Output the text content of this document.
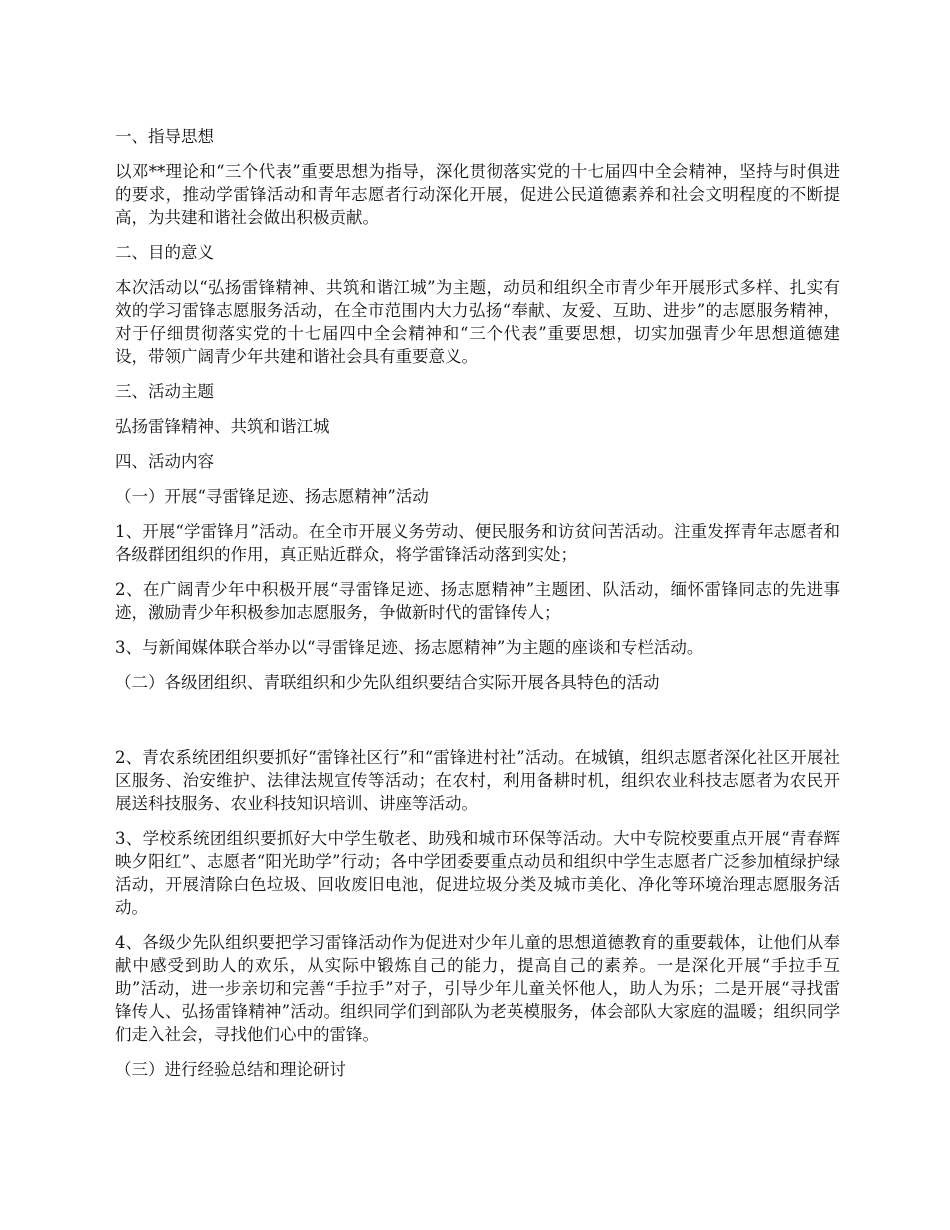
一、指导思想

以邓**理论和“三个代表”重要思想为指导，深化贯彻落实党的十七届四中全会精神，坚持与时俱进的要求，推动学雷锋活动和青年志愿者行动深化开展，促进公民道德素养和社会文明程度的不断提高，为共建和谐社会做出积极贡献。

二、目的意义

本次活动以“弘扬雷锋精神、共筑和谐江城”为主题，动员和组织全市青少年开展形式多样、扎实有效的学习雷锋志愿服务活动，在全市范围内大力弘扬“奉献、友爱、互助、进步”的志愿服务精神，对于仔细贯彻落实党的十七届四中全会精神和“三个代表”重要思想，切实加强青少年思想道德建设，带领广阔青少年共建和谐社会具有重要意义。

三、活动主题

弘扬雷锋精神、共筑和谐江城

四、活动内容

（一）开展“寻雷锋足迹、扬志愿精神”活动

1、开展“学雷锋月”活动。在全市开展义务劳动、便民服务和访贫问苦活动。注重发挥青年志愿者和各级群团组织的作用，真正贴近群众，将学雷锋活动落到实处；

2、在广阔青少年中积极开展“寻雷锋足迹、扬志愿精神”主题团、队活动，缅怀雷锋同志的先进事迹，激励青少年积极参加志愿服务，争做新时代的雷锋传人；

3、与新闻媒体联合举办以“寻雷锋足迹、扬志愿精神”为主题的座谈和专栏活动。

（二）各级团组织、青联组织和少先队组织要结合实际开展各具特色的活动

2、青农系统团组织要抓好“雷锋社区行”和“雷锋进村社”活动。在城镇，组织志愿者深化社区开展社区服务、治安维护、法律法规宣传等活动；在农村，利用备耕时机，组织农业科技志愿者为农民开展送科技服务、农业科技知识培训、讲座等活动。

3、学校系统团组织要抓好大中学生敬老、助残和城市环保等活动。大中专院校要重点开展“青春辉映夕阳红”、志愿者“阳光助学”行动；各中学团委要重点动员和组织中学生志愿者广泛参加植绿护绿活动，开展清除白色垃圾、回收废旧电池，促进垃圾分类及城市美化、净化等环境治理志愿服务活动。

4、各级少先队组织要把学习雷锋活动作为促进对少年儿童的思想道德教育的重要载体，让他们从奉献中感受到助人的欢乐，从实际中锻炼自己的能力，提高自己的素养。一是深化开展“手拉手互助”活动，进一步亲切和完善“手拉手”对子，引导少年儿童关怀他人，助人为乐；二是开展“寻找雷锋传人、弘扬雷锋精神”活动。组织同学们到部队为老英模服务，体会部队大家庭的温暖；组织同学们走入社会，寻找他们心中的雷锋。

（三）进行经验总结和理论研讨
